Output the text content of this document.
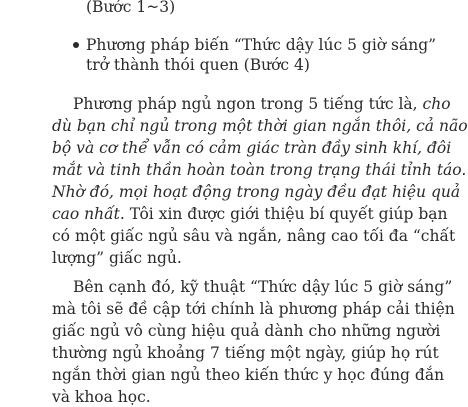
(Bước 1~3)
Phương pháp biến “Thức dậy lúc 5 giờ sáng”
trở thành thói quen (Bước 4)
Phương pháp ngủ ngon trong 5 tiếng tức là, cho
dù bạn chỉ ngủ trong một thời gian ngắn thôi, cả não
bộ và cơ thể vẫn có cảm giác tràn đầy sinh khí, đôi
mắt và tinh thần hoàn toàn trong trạng thái tỉnh táo.
Nhờ đó, mọi hoạt động trong ngày đều đạt hiệu quả
cao nhất. Tôi xin được giới thiệu bí quyết giúp bạn
có một giấc ngủ sâu và ngắn, nâng cao tối đa “chất
lượng” giấc ngủ.
Bên cạnh đó, kỹ thuật “Thức dậy lúc 5 giờ sáng”
mà tôi sẽ đề cập tới chính là phương pháp cải thiện
giấc ngủ vô cùng hiệu quả dành cho những người
thường ngủ khoảng 7 tiếng một ngày, giúp họ rút
ngắn thời gian ngủ theo kiến thức y học đúng đắn
và khoa học.
